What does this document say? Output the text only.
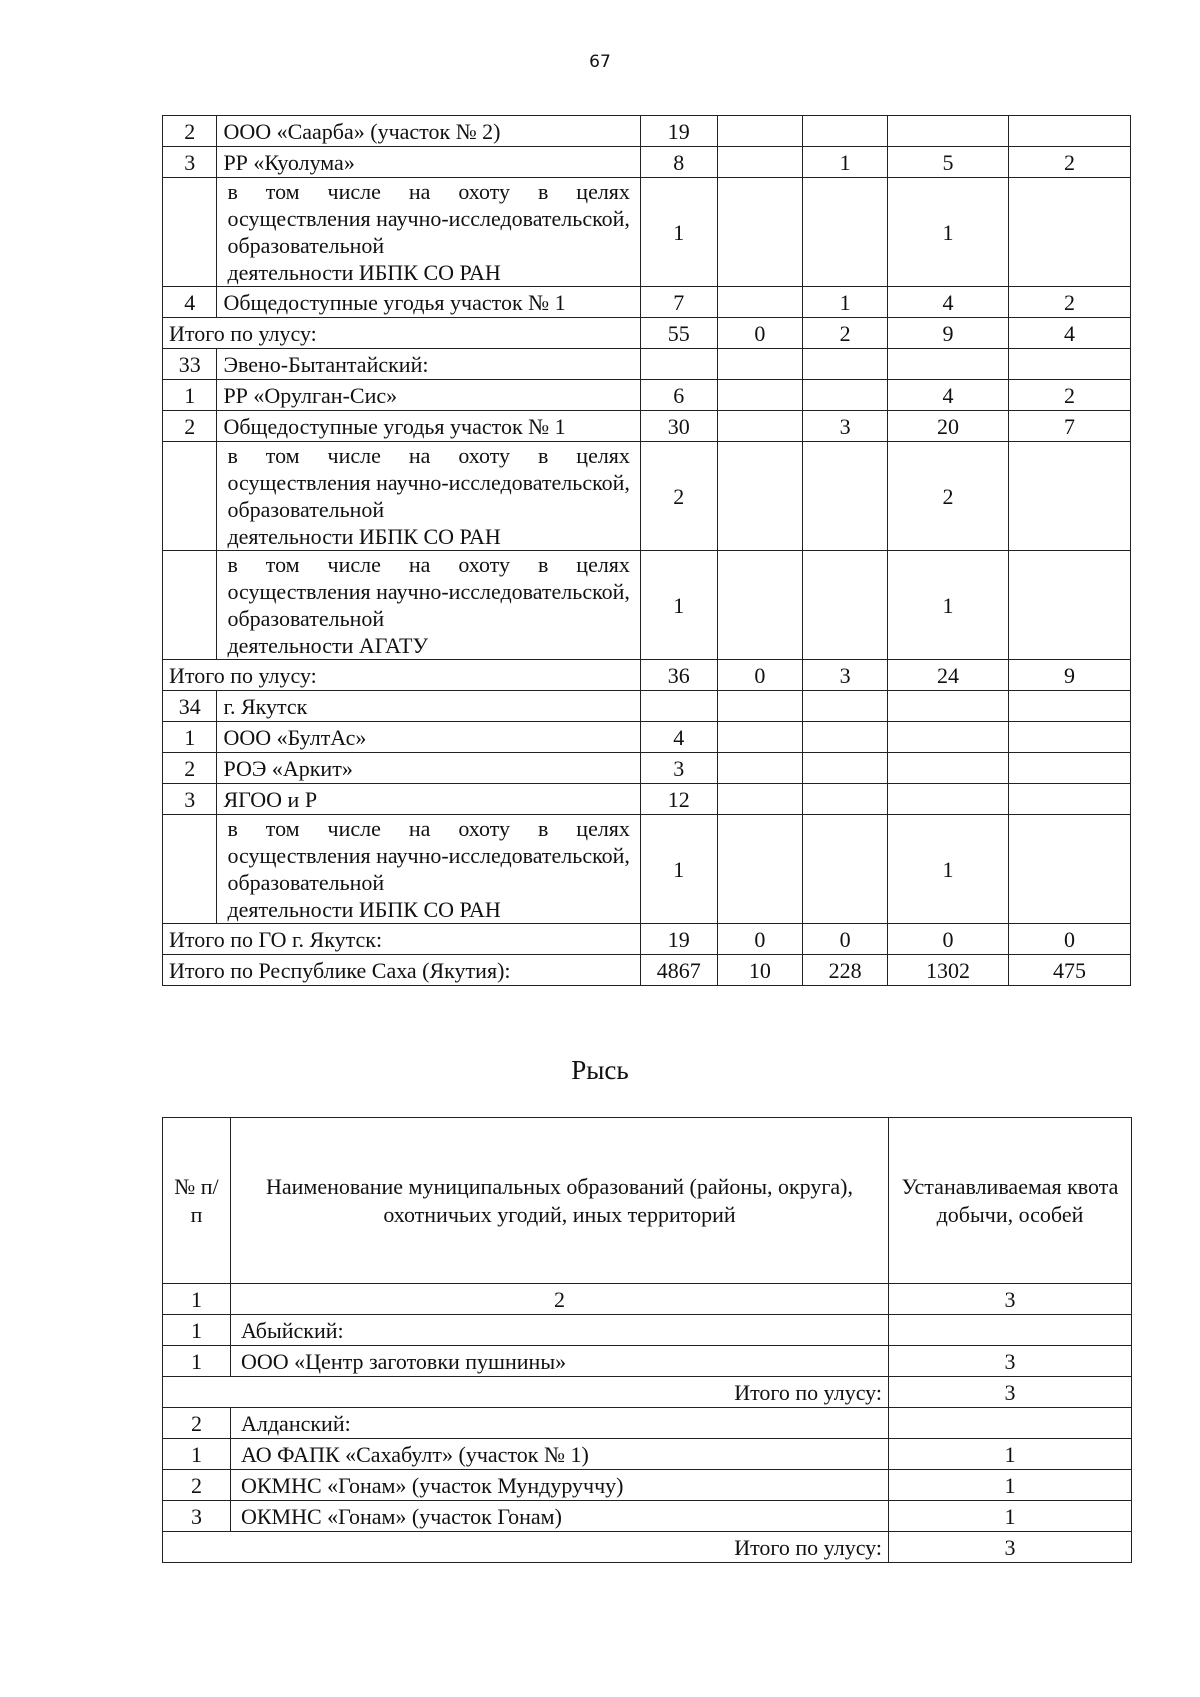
67
2	ООО «Саарба» (участок № 2)	19				
3	РР «Куолума»	8		1	5	2
	в том числе на охоту в целях осуществления научно-исследовательской, образовательной
деятельности ИБПК СО РАН	1			1	
4	Общедоступные угодья участок № 1	7		1	4	2
Итого по улусу:		55	0	2	9	4
33	Эвено-Бытантайский:					
1	РР «Орулган-Сис»	6			4	2
2	Общедоступные угодья участок № 1	30		3	20	7
	в том числе на охоту в целях осуществления научно-исследовательской, образовательной
деятельности ИБПК СО РАН	2			2	
	в том числе на охоту в целях осуществления научно-исследовательской, образовательной
деятельности АГАТУ	1			1	
Итого по улусу:		36	0	3	24	9
34	г. Якутск					
1	ООО «БултАс»	4				
2	РОЭ «Аркит»	3				
3	ЯГОО и Р	12				
	в том числе на охоту в целях осуществления научно-исследовательской, образовательной
деятельности ИБПК СО РАН	1			1	
Итого по ГО г. Якутск:		19	0	0	0	0
Итого по Республике Саха (Якутия):		4867	10	228	1302	475
Рысь
№ п/п	Наименование муниципальных образований (районы, округа), охотничьих угодий, иных территорий	Устанавливаемая квота добычи, особей
1	2	3
1	Абыйский:	
1	ООО «Центр заготовки пушнины»	3
Итого по улусу:		3
2	Алданский:	
1	АО ФАПК «Сахабулт» (участок № 1)	1
2	ОКМНС «Гонам» (участок Мундуруччу)	1
3	ОКМНС «Гонам» (участок Гонам)	1
Итого по улусу:		3
